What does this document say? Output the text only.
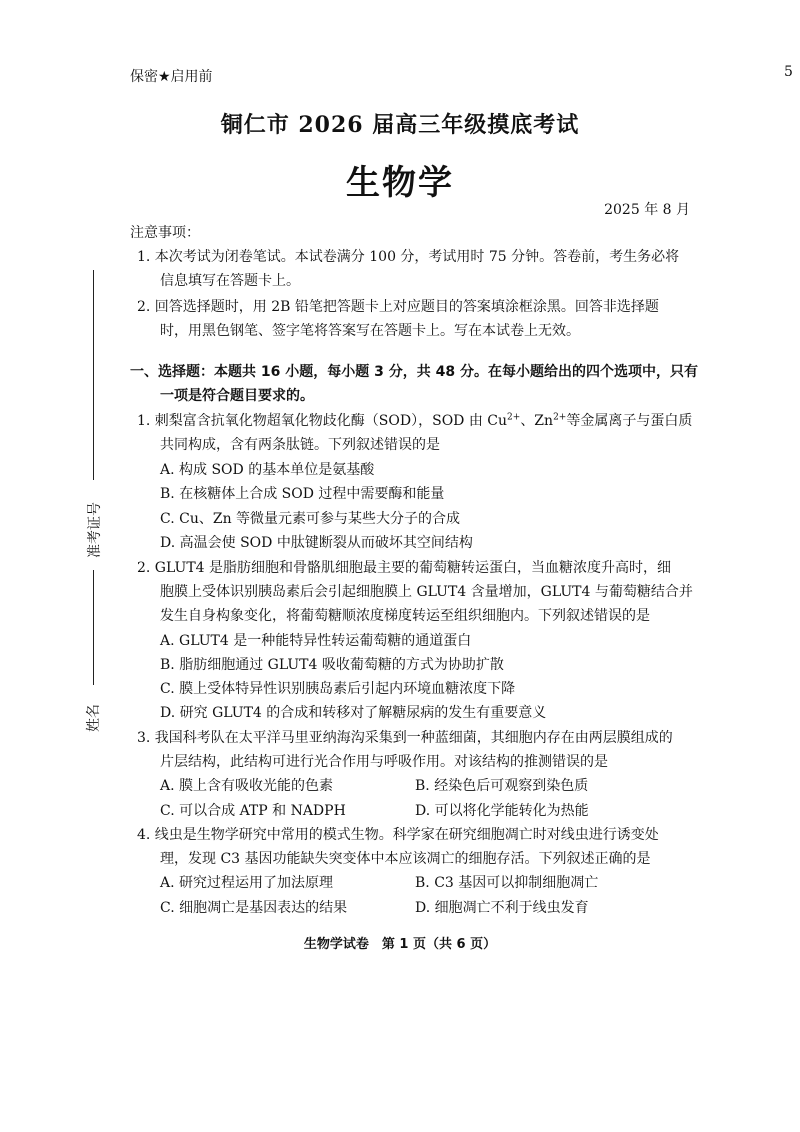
保密★启用前	5
铜仁市 2026 届高三年级摸底考试
生物学
2025 年 8 月
注意事项：
1. 本次考试为闭卷笔试。本试卷满分 100 分，考试用时 75 分钟。答卷前，考生务必将
信息填写在答题卡上。
2. 回答选择题时，用 2B 铅笔把答题卡上对应题目的答案填涂框涂黑。回答非选择题
时，用黑色钢笔、签字笔将答案写在答题卡上。写在本试卷上无效。
一、选择题：本题共 16 小题，每小题 3 分，共 48 分。在每小题给出的四个选项中，只有
一项是符合题目要求的。
1. 刺梨富含抗氧化物超氧化物歧化酶（SOD），SOD 由 $Cu^{2+}$、$Zn^{2+}$等金属离子与蛋白质
共同构成，含有两条肽链。下列叙述错误的是
A. 构成 SOD 的基本单位是氨基酸
B. 在核糖体上合成 SOD 过程中需要酶和能量
C. Cu、Zn 等微量元素可参与某些大分子的合成
D. 高温会使 SOD 中肽键断裂从而破坏其空间结构
2. GLUT4 是脂肪细胞和骨骼肌细胞最主要的葡萄糖转运蛋白，当血糖浓度升高时，细
胞膜上受体识别胰岛素后会引起细胞膜上 GLUT4 含量增加，GLUT4 与葡萄糖结合并
发生自身构象变化，将葡萄糖顺浓度梯度转运至组织细胞内。下列叙述错误的是
A. GLUT4 是一种能特异性转运葡萄糖的通道蛋白
B. 脂肪细胞通过 GLUT4 吸收葡萄糖的方式为协助扩散
C. 膜上受体特异性识别胰岛素后引起内环境血糖浓度下降
D. 研究 GLUT4 的合成和转移对了解糖尿病的发生有重要意义
3. 我国科考队在太平洋马里亚纳海沟采集到一种蓝细菌，其细胞内存在由两层膜组成的
片层结构，此结构可进行光合作用与呼吸作用。对该结构的推测错误的是
A. 膜上含有吸收光能的色素	B. 经染色后可观察到染色质
C. 可以合成 ATP 和 NADPH	D. 可以将化学能转化为热能
4. 线虫是生物学研究中常用的模式生物。科学家在研究细胞凋亡时对线虫进行诱变处
理，发现 C3 基因功能缺失突变体中本应该凋亡的细胞存活。下列叙述正确的是
A. 研究过程运用了加法原理	B. C3 基因可以抑制细胞凋亡
C. 细胞凋亡是基因表达的结果	D. 细胞凋亡不利于线虫发育
准考证号
姓名
生物学试卷　第 1 页（共 6 页）
